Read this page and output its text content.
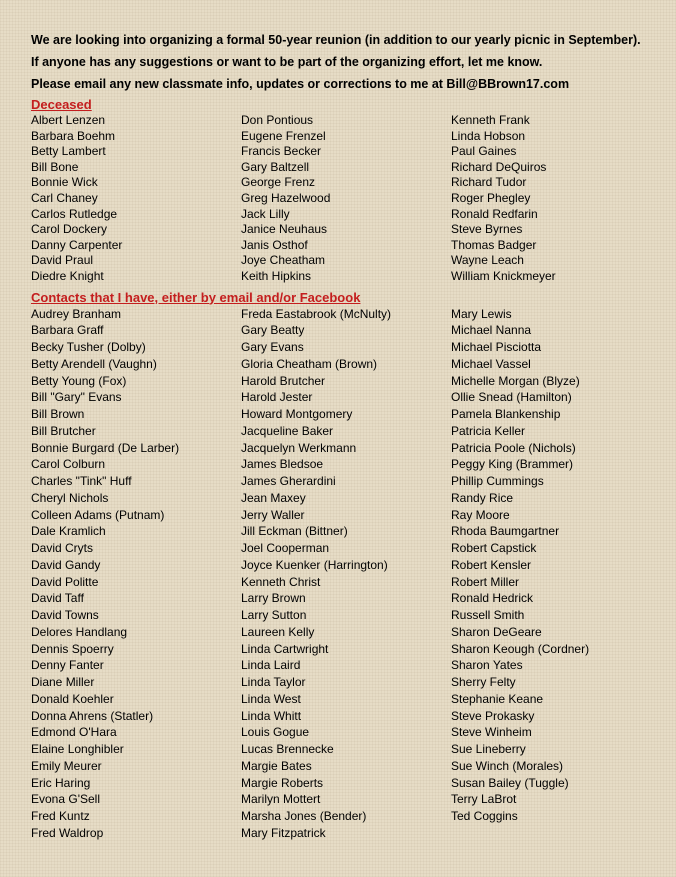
We are looking into organizing a formal 50-year reunion (in addition to our yearly picnic in September).

If anyone has any suggestions or want to be part of the organizing effort, let me know.

Please email any new classmate info, updates or corrections to me at Bill@BBrown17.com

Deceased
Albert Lenzen
Barbara Boehm
Betty Lambert
Bill Bone
Bonnie Wick
Carl Chaney
Carlos Rutledge
Carol Dockery
Danny Carpenter
David Praul
Diedre Knight
Don Pontious
Eugene Frenzel
Francis Becker
Gary Baltzell
George Frenz
Greg Hazelwood
Jack Lilly
Janice Neuhaus
Janis Osthof
Joye Cheatham
Keith Hipkins
Kenneth Frank
Linda Hobson
Paul Gaines
Richard DeQuiros
Richard Tudor
Roger Phegley
Ronald Redfarin
Steve Byrnes
Thomas Badger
Wayne Leach
William Knickmeyer
Contacts that I have, either by email and/or Facebook
Audrey Branham
Barbara Graff
Becky Tusher (Dolby)
Betty Arendell (Vaughn)
Betty Young (Fox)
Bill "Gary" Evans
Bill Brown
Bill Brutcher
Bonnie Burgard (De Larber)
Carol Colburn
Charles "Tink" Huff
Cheryl Nichols
Colleen Adams (Putnam)
Dale Kramlich
David Cryts
David Gandy
David Politte
David Taff
David Towns
Delores Handlang
Dennis Spoerry
Denny Fanter
Diane Miller
Donald Koehler
Donna Ahrens (Statler)
Edmond O'Hara
Elaine Longhibler
Emily Meurer
Eric Haring
Evona G'Sell
Fred Kuntz
Fred Waldrop
Freda Eastabrook (McNulty)
Gary Beatty
Gary Evans
Gloria Cheatham (Brown)
Harold Brutcher
Harold Jester
Howard Montgomery
Jacqueline Baker
Jacquelyn Werkmann
James Bledsoe
James Gherardini
Jean Maxey
Jerry Waller
Jill Eckman (Bittner)
Joel Cooperman
Joyce Kuenker (Harrington)
Kenneth Christ
Larry Brown
Larry Sutton
Laureen Kelly
Linda Cartwright
Linda Laird
Linda Taylor
Linda West
Linda Whitt
Louis Gogue
Lucas Brennecke
Margie Bates
Margie Roberts
Marilyn Mottert
Marsha Jones (Bender)
Mary Fitzpatrick
Mary Lewis
Michael Nanna
Michael Pisciotta
Michael Vassel
Michelle Morgan (Blyze)
Ollie Snead (Hamilton)
Pamela Blankenship
Patricia Keller
Patricia Poole (Nichols)
Peggy King (Brammer)
Phillip Cummings
Randy Rice
Ray Moore
Rhoda Baumgartner
Robert Capstick
Robert Kensler
Robert Miller
Ronald Hedrick
Russell Smith
Sharon DeGeare
Sharon Keough (Cordner)
Sharon Yates
Sherry Felty
Stephanie Keane
Steve Prokasky
Steve Winheim
Sue Lineberry
Sue Winch (Morales)
Susan Bailey (Tuggle)
Terry LaBrot
Ted Coggins
